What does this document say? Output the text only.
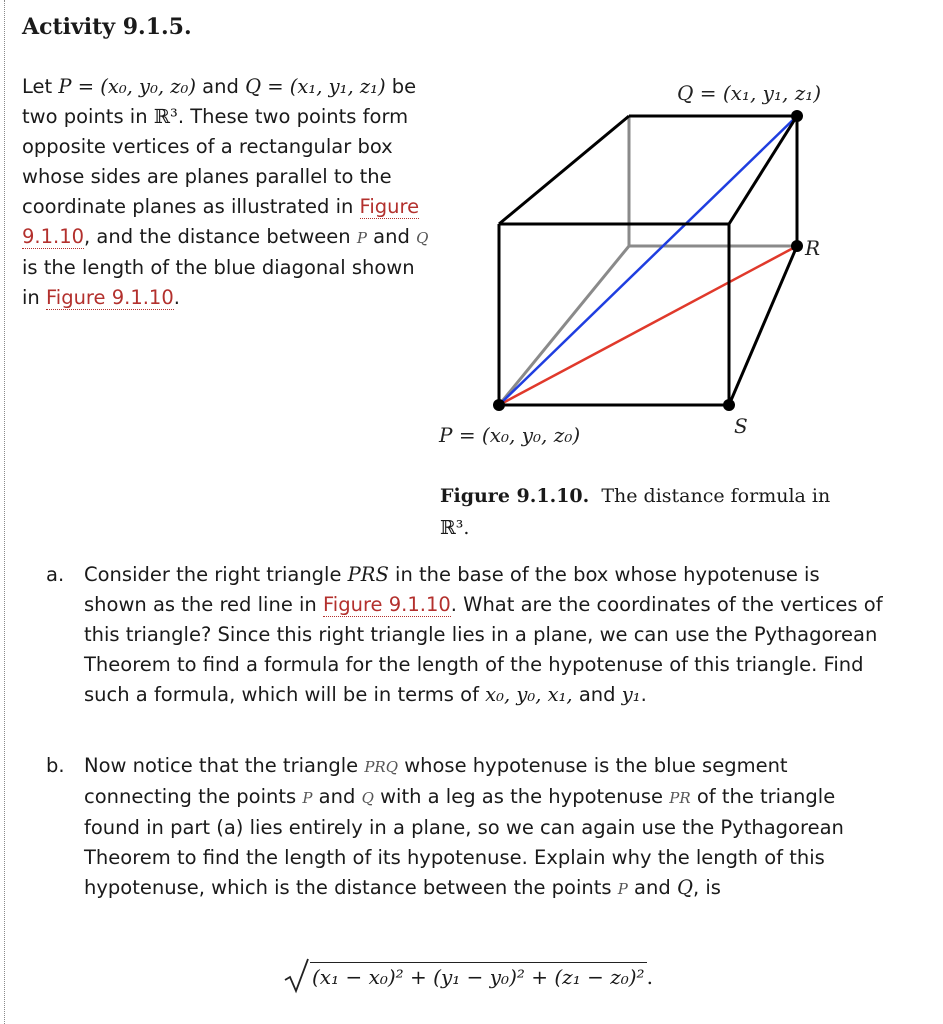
Activity 9.1.5.
Let P = (x₀, y₀, z₀) and Q = (x₁, y₁, z₁) be two points in ℝ³. These two points form opposite vertices of a rectangular box whose sides are planes parallel to the coordinate planes as illustrated in Figure 9.1.10, and the distance between P and Q is the length of the blue diagonal shown in Figure 9.1.10.
Q = (x₁, y₁, z₁)
R
P = (x₀, y₀, z₀)	S
Figure 9.1.10. The distance formula in
ℝ³.
a. Consider the right triangle PRS in the base of the box whose hypotenuse is shown as the red line in Figure 9.1.10. What are the coordinates of the vertices of this triangle? Since this right triangle lies in a plane, we can use the Pythagorean Theorem to find a formula for the length of the hypotenuse of this triangle. Find such a formula, which will be in terms of x₀, y₀, x₁, and y₁.
b. Now notice that the triangle PRQ whose hypotenuse is the blue segment connecting the points P and Q with a leg as the hypotenuse PR of the triangle found in part (a) lies entirely in a plane, so we can again use the Pythagorean Theorem to find the length of its hypotenuse. Explain why the length of this hypotenuse, which is the distance between the points P and Q, is
(x₁ − x₀)² + (y₁ − y₀)² + (z₁ − z₀)² .
